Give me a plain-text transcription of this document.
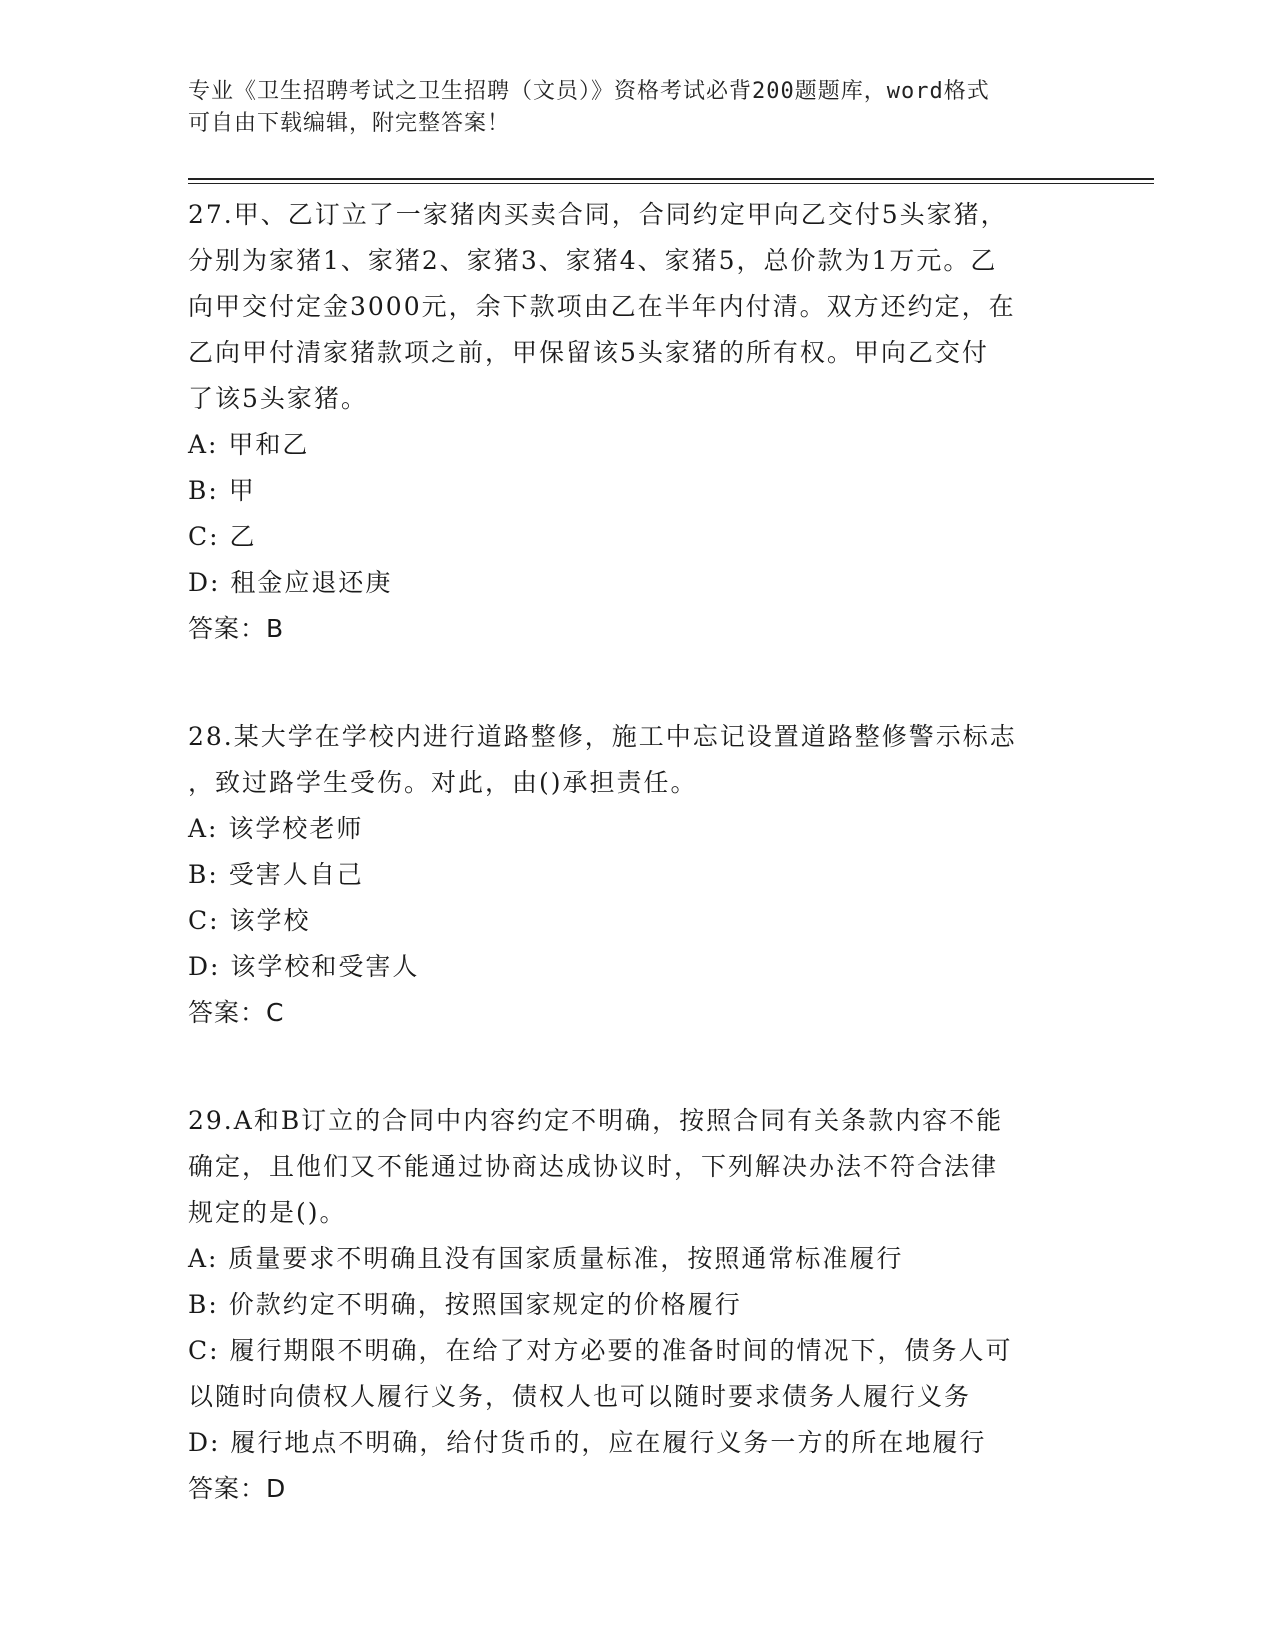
专业《卫生招聘考试之卫生招聘（文员）》资格考试必背200题题库，word格式
可自由下载编辑，附完整答案！
27.甲、乙订立了一家猪肉买卖合同，合同约定甲向乙交付5头家猪，
分别为家猪1、家猪2、家猪3、家猪4、家猪5，总价款为1万元。乙
向甲交付定金3000元，余下款项由乙在半年内付清。双方还约定，在
乙向甲付清家猪款项之前，甲保留该5头家猪的所有权。甲向乙交付
了该5头家猪。
A: 甲和乙
B: 甲
C: 乙
D: 租金应退还庚
答案：B
28.某大学在学校内进行道路整修，施工中忘记设置道路整修警示标志
，致过路学生受伤。对此，由()承担责任。
A: 该学校老师
B: 受害人自己
C: 该学校
D: 该学校和受害人
答案：C
29.A和B订立的合同中内容约定不明确，按照合同有关条款内容不能
确定，且他们又不能通过协商达成协议时，下列解决办法不符合法律
规定的是()。
A: 质量要求不明确且没有国家质量标准，按照通常标准履行
B: 价款约定不明确，按照国家规定的价格履行
C: 履行期限不明确，在给了对方必要的准备时间的情况下，债务人可
以随时向债权人履行义务，债权人也可以随时要求债务人履行义务
D: 履行地点不明确，给付货币的，应在履行义务一方的所在地履行
答案：D
